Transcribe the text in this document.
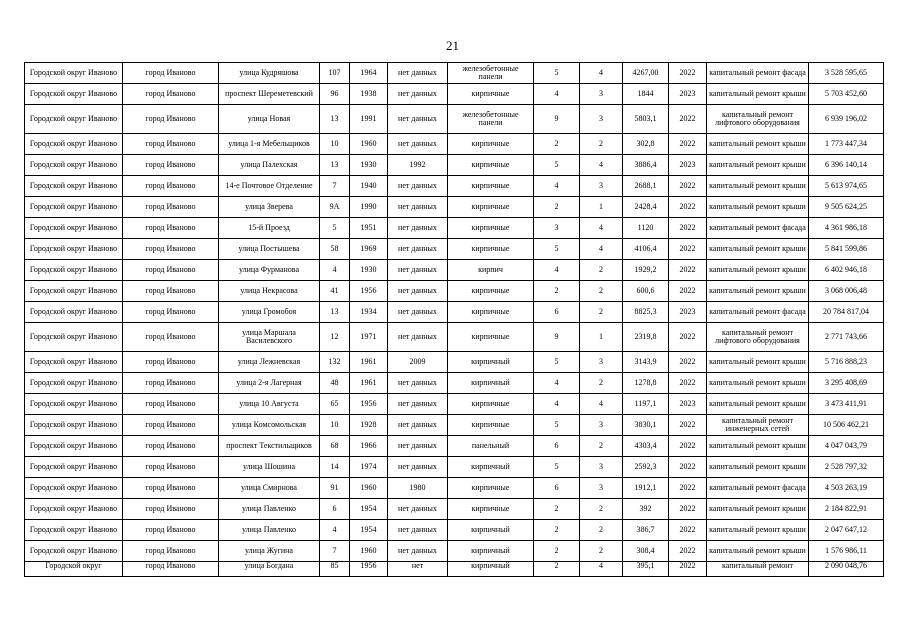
21
Городской округ Иваново	город Иваново	улица Кудряшова	107	1964	нет данных	железобетонные панели	5	4	4267,00	2022	капитальный ремонт фасада	3 528 595,65
Городской округ Иваново	город Иваново	проспект Шереметевский	96	1938	нет данных	кирпичные	4	3	1844	2023	капитальный ремонт крыши	5 703 452,60
Городской округ Иваново	город Иваново	улица Новая	13	1991	нет данных	железобетонные панели	9	3	5803,1	2022	капитальный ремонт лифтового оборудования	6 939 196,02
Городской округ Иваново	город Иваново	улица 1-я Мебельщиков	10	1960	нет данных	кирпичные	2	2	302,8	2022	капитальный ремонт крыши	1 773 447,34
Городской округ Иваново	город Иваново	улица Палехская	13	1930	1992	кирпичные	5	4	3886,4	2023	капитальный ремонт крыши	6 396 140,14
Городской округ Иваново	город Иваново	14-е Почтовое Отделение	7	1940	нет данных	кирпичные	4	3	2688,1	2022	капитальный ремонт крыши	5 613 974,65
Городской округ Иваново	город Иваново	улица Зверева	9А	1990	нет данных	кирпичные	2	1	2428,4	2022	капитальный ремонт крыши	9 505 624,25
Городской округ Иваново	город Иваново	15-й Проезд	5	1951	нет данных	кирпичные	3	4	1120	2022	капитальный ремонт фасада	4 361 986,18
Городской округ Иваново	город Иваново	улица Постышева	58	1969	нет данных	кирпичные	5	4	4106,4	2022	капитальный ремонт крыши	5 841 599,86
Городской округ Иваново	город Иваново	улица Фурманова	4	1930	нет данных	кирпич	4	2	1929,2	2022	капитальный ремонт крыши	6 402 946,18
Городской округ Иваново	город Иваново	улица Некрасова	41	1956	нет данных	кирпичные	2	2	600,6	2022	капитальный ремонт крыши	3 068 006,48
Городской округ Иваново	город Иваново	улица Громобоя	13	1934	нет данных	кирпичные	6	2	8825,3	2023	капитальный ремонт фасада	20 784 817,04
Городской округ Иваново	город Иваново	улица Маршала Василевского	12	1971	нет данных	кирпичные	9	1	2319,8	2022	капитальный ремонт лифтового оборудования	2 771 743,66
Городской округ Иваново	город Иваново	улица Лежневская	132	1961	2009	кирпичный	5	3	3143,9	2022	капитальный ремонт крыши	5 716 888,23
Городской округ Иваново	город Иваново	улица 2-я Лагерная	48	1961	нет данных	кирпичный	4	2	1278,8	2022	капитальный ремонт крыши	3 295 408,69
Городской округ Иваново	город Иваново	улица 10 Августа	65	1956	нет данных	кирпичные	4	4	1197,1	2023	капитальный ремонт крыши	3 473 411,91
Городской округ Иваново	город Иваново	улица Комсомольская	10	1928	нет данных	кирпичные	5	3	3830,1	2022	капитальный ремонт инженерных сетей	10 506 462,21
Городской округ Иваново	город Иваново	проспект Текстильщиков	68	1966	нет данных	панельный	6	2	4303,4	2022	капитальный ремонт крыши	4 047 043,79
Городской округ Иваново	город Иваново	улица Шошина	14	1974	нет данных	кирпичный	5	3	2592,3	2022	капитальный ремонт крыши	2 528 797,32
Городской округ Иваново	город Иваново	улица Смирнова	91	1960	1980	кирпичные	6	3	1912,1	2022	капитальный ремонт фасада	4 503 263,19
Городской округ Иваново	город Иваново	улица Павленко	6	1954	нет данных	кирпичные	2	2	392	2022	капитальный ремонт крыши	2 184 822,91
Городской округ Иваново	город Иваново	улица Павленко	4	1954	нет данных	кирпичный	2	2	386,7	2022	капитальный ремонт крыши	2 047 647,12
Городской округ Иваново	город Иваново	улица Жугина	7	1960	нет данных	кирпичный	2	2	308,4	2022	капитальный ремонт крыши	1 576 986,11
Городской округ	город Иваново	улица Богдана	85	1956	нет	кирпичный	2	4	395,1	2022	капитальный ремонт	2 090 048,76
